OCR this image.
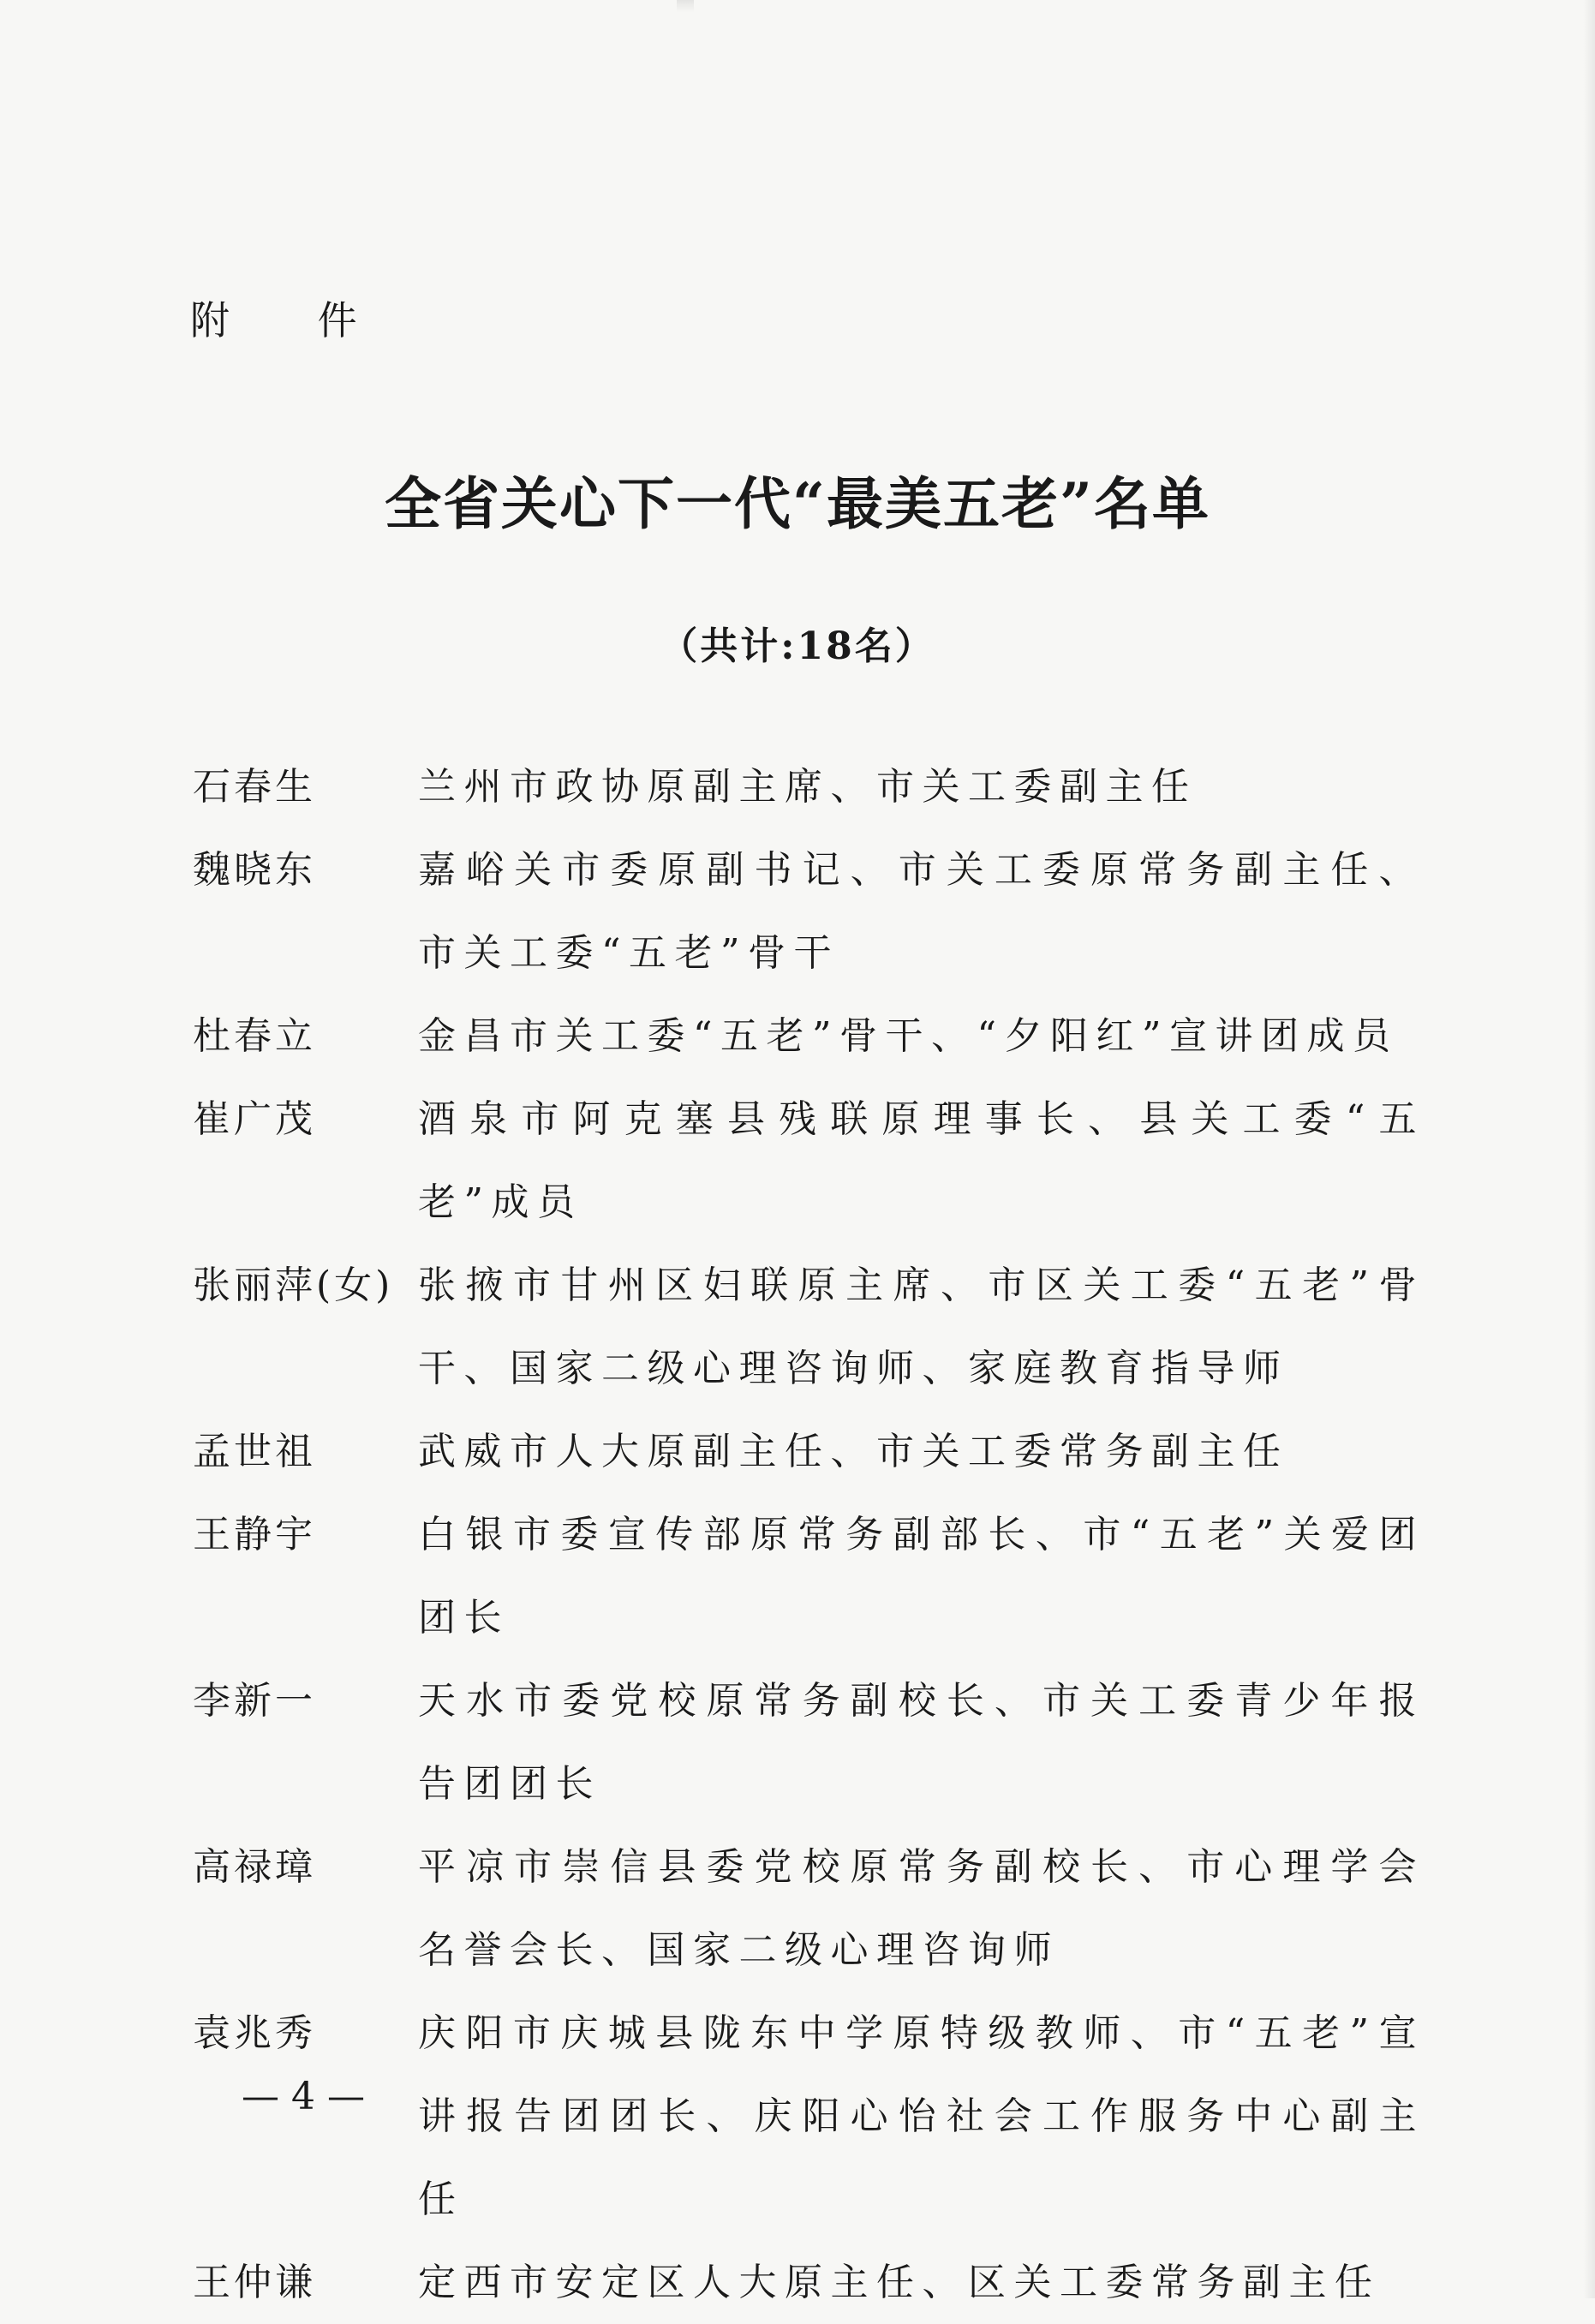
附 件
全省关心下一代“最美五老”名单
（共计:18名）
石春生	兰州市政协原副主席、市关工委副主任
魏晓东	嘉峪关市委原副书记、市关工委原常务副主任、市关工委“五老”骨干
杜春立	金昌市关工委“五老”骨干、“夕阳红”宣讲团成员
崔广茂	酒泉市阿克塞县残联原理事长、县关工委“五老”成员
张丽萍(女) 张掖市甘州区妇联原主席、市区关工委“五老”骨干、国家二级心理咨询师、家庭教育指导师
孟世祖	武威市人大原副主任、市关工委常务副主任
王静宇	白银市委宣传部原常务副部长、市“五老”关爱团团长
李新一	天水市委党校原常务副校长、市关工委青少年报告团团长
高禄璋	平凉市崇信县委党校原常务副校长、市心理学会名誉会长、国家二级心理咨询师
袁兆秀	庆阳市庆城县陇东中学原特级教师、市“五老”宣讲报告团团长、庆阳心怡社会工作服务中心副主任
王仲谦	定西市安定区人大原主任、区关工委常务副主任
— 4 —
